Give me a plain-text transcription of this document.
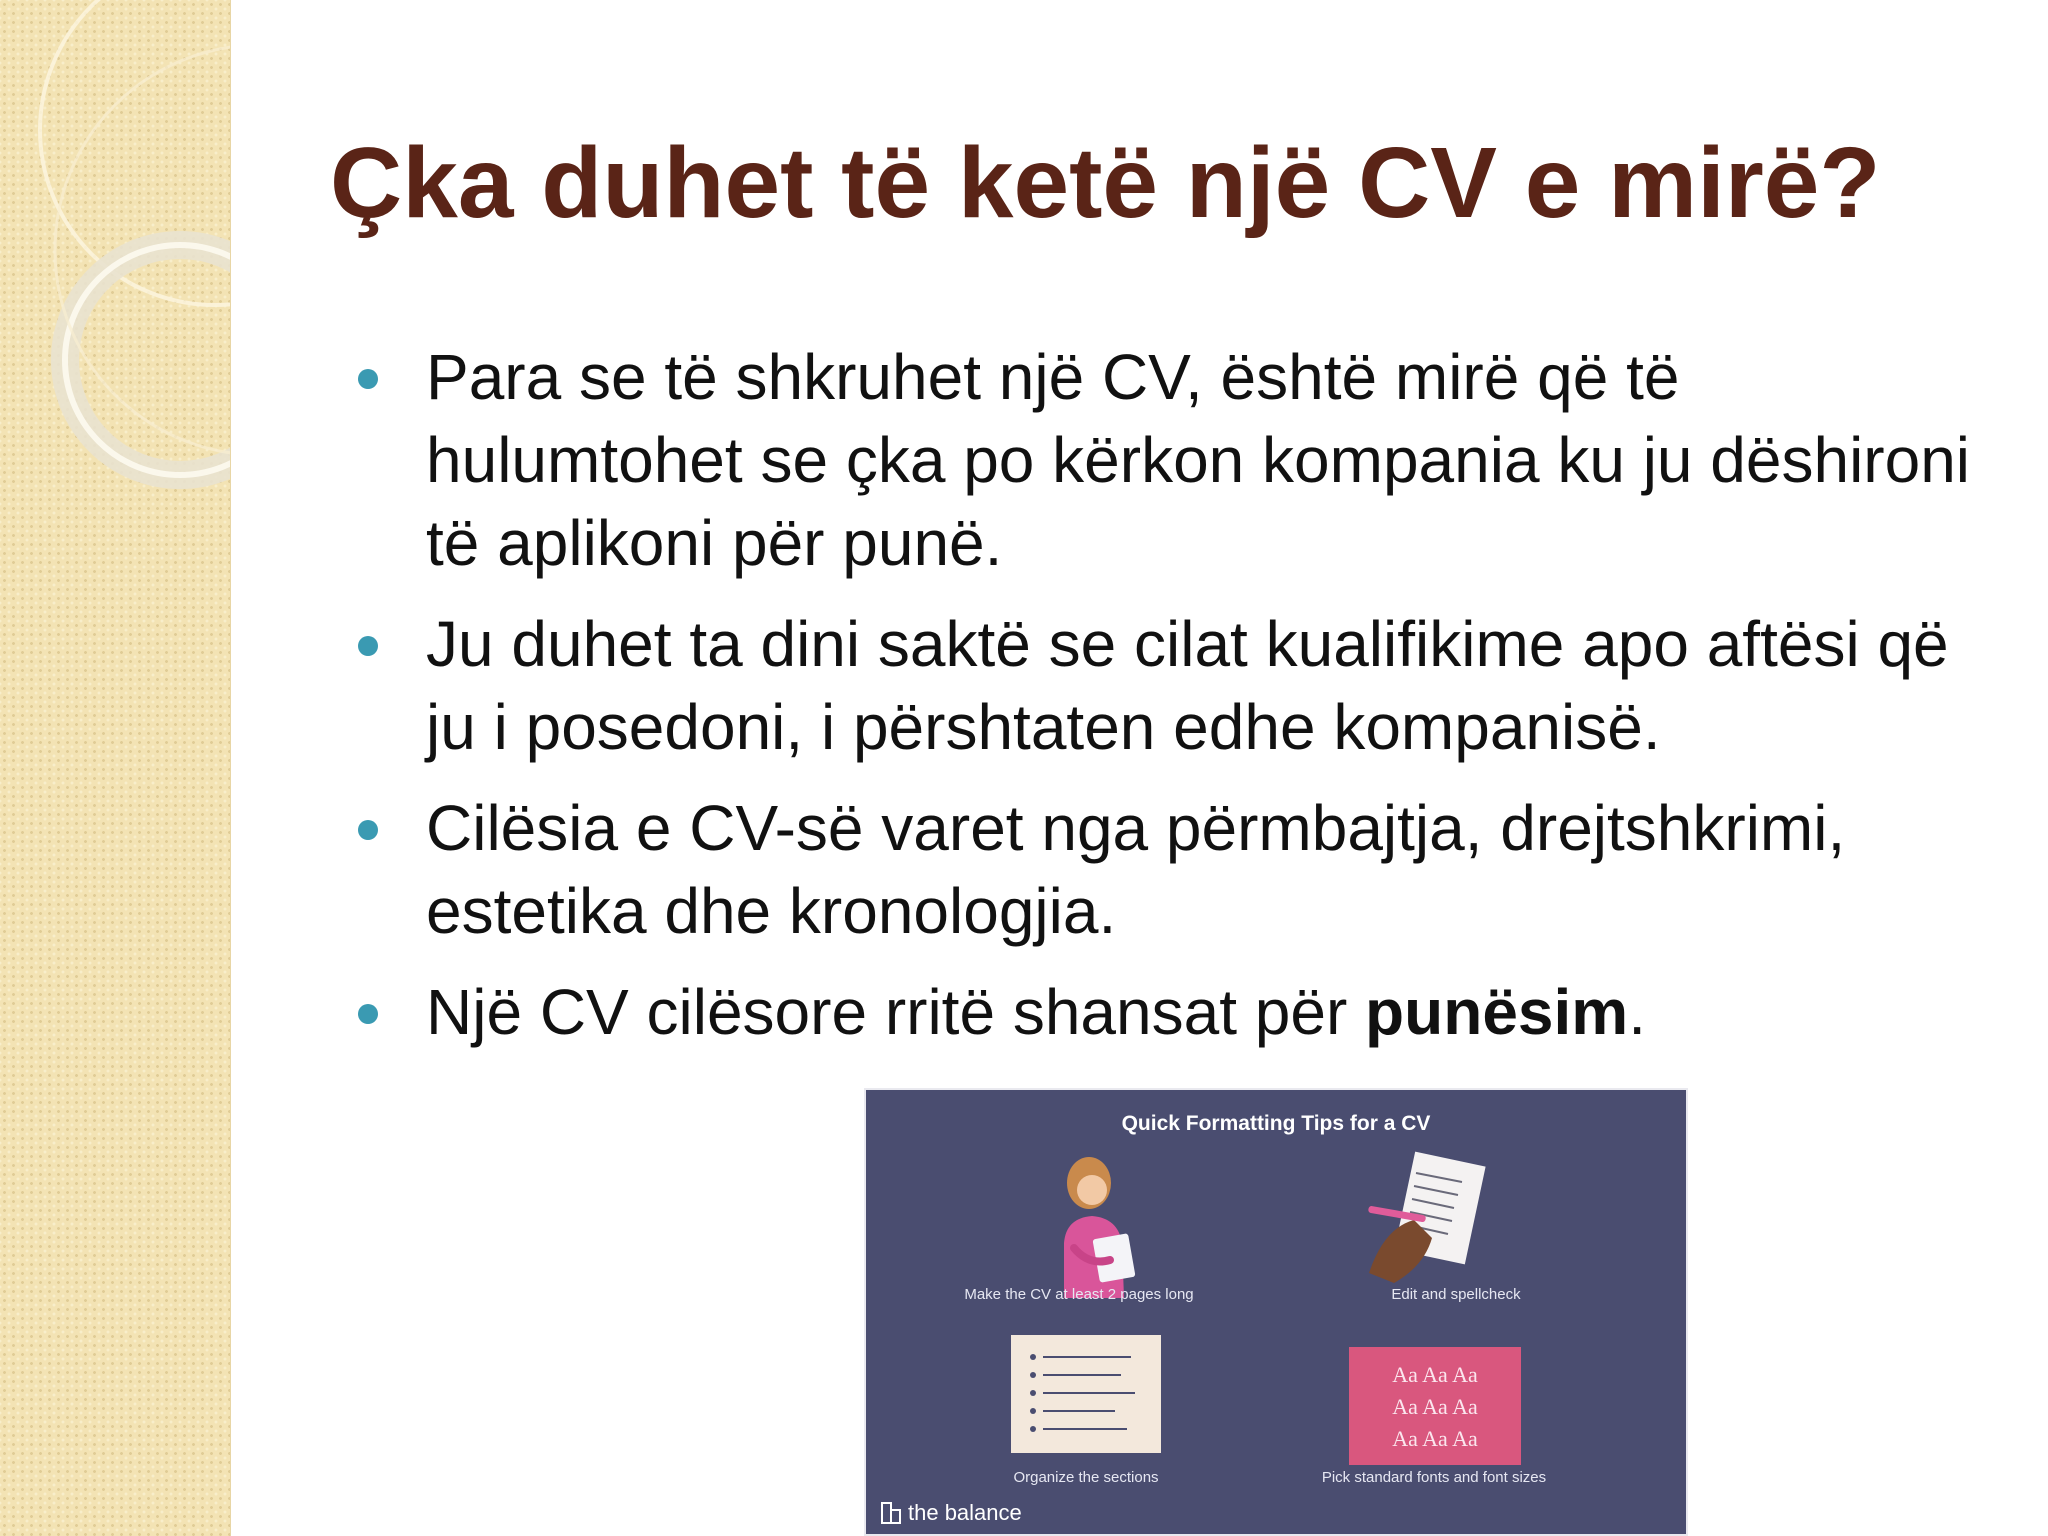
Çka duhet të ketë një CV e mirë?
Para se të shkruhet një CV, është mirë që të hulumtohet se çka po kërkon kompania ku ju dëshironi të aplikoni për punë.
Ju duhet ta dini saktë se cilat kualifikime apo aftësi që ju i posedoni, i përshtaten edhe kompanisë.
Cilësia e CV-së varet nga përmbajtja, drejtshkrimi, estetika dhe kronologjia.
Një CV cilësore rritë shansat për punësim.
Quick Formatting Tips for a CV
Make the CV at least 2 pages long	Edit and spellcheck
Organize the sections
Aa Aa Aa
Aa Aa Aa
Aa Aa Aa
Pick standard fonts and font sizes
the balance
